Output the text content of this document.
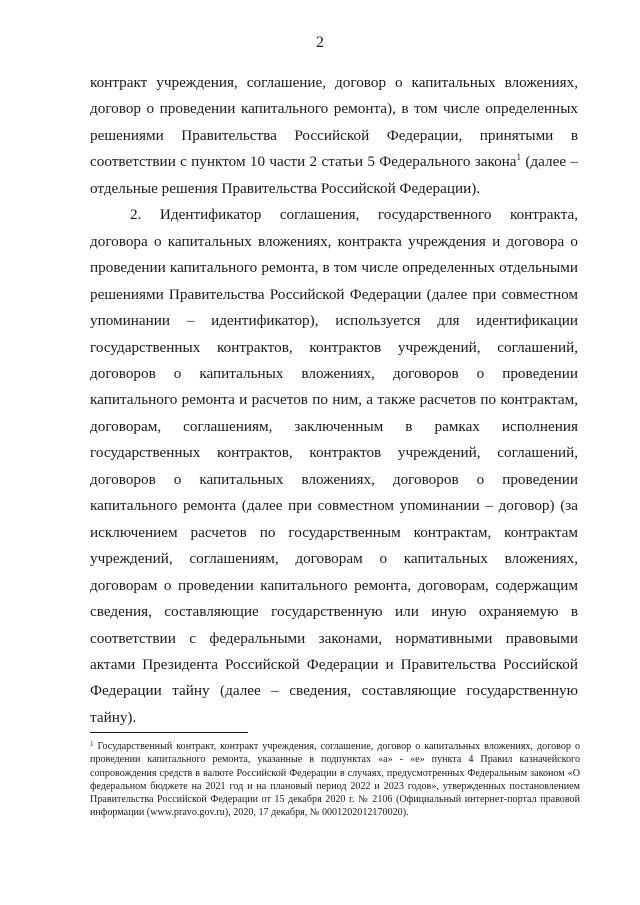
2

контракт учреждения, соглашение, договор о капитальных вложениях, договор о проведении капитального ремонта), в том числе определенных решениями Правительства Российской Федерации, принятыми в соответствии с пунктом 10 части 2 статьи 5 Федерального закона$^1$ (далее – отдельные решения Правительства Российской Федерации).

2. Идентификатор соглашения, государственного контракта, договора о капитальных вложениях, контракта учреждения и договора о проведении капитального ремонта, в том числе определенных отдельными решениями Правительства Российской Федерации (далее при совместном упоминании – идентификатор), используется для идентификации государственных контрактов, контрактов учреждений, соглашений, договоров о капитальных вложениях, договоров о проведении капитального ремонта и расчетов по ним, а также расчетов по контрактам, договорам, соглашениям, заключенным в рамках исполнения государственных контрактов, контрактов учреждений, соглашений, договоров о капитальных вложениях, договоров о проведении капитального ремонта (далее при совместном упоминании – договор) (за исключением расчетов по государственным контрактам, контрактам учреждений, соглашениям, договорам о капитальных вложениях, договорам о проведении капитального ремонта, договорам, содержащим сведения, составляющие государственную или иную охраняемую в соответствии с федеральными законами, нормативными правовыми актами Президента Российской Федерации и Правительства Российской Федерации тайну (далее – сведения, составляющие государственную тайну).

$^1$ Государственный контракт, контракт учреждения, соглашение, договор о капитальных вложениях, договор о проведении капитального ремонта, указанные в подпунктах «а» - «е» пункта 4 Правил казначейского сопровождения средств в валюте Российской Федерации в случаях, предусмотренных Федеральным законом «О федеральном бюджете на 2021 год и на плановый период 2022 и 2023 годов», утвержденных постановлением Правительства Российской Федерации от 15 декабря 2020 г. № 2106 (Официальный интернет-портал правовой информации (www.pravo.gov.ru), 2020, 17 декабря, № 0001202012170020).
